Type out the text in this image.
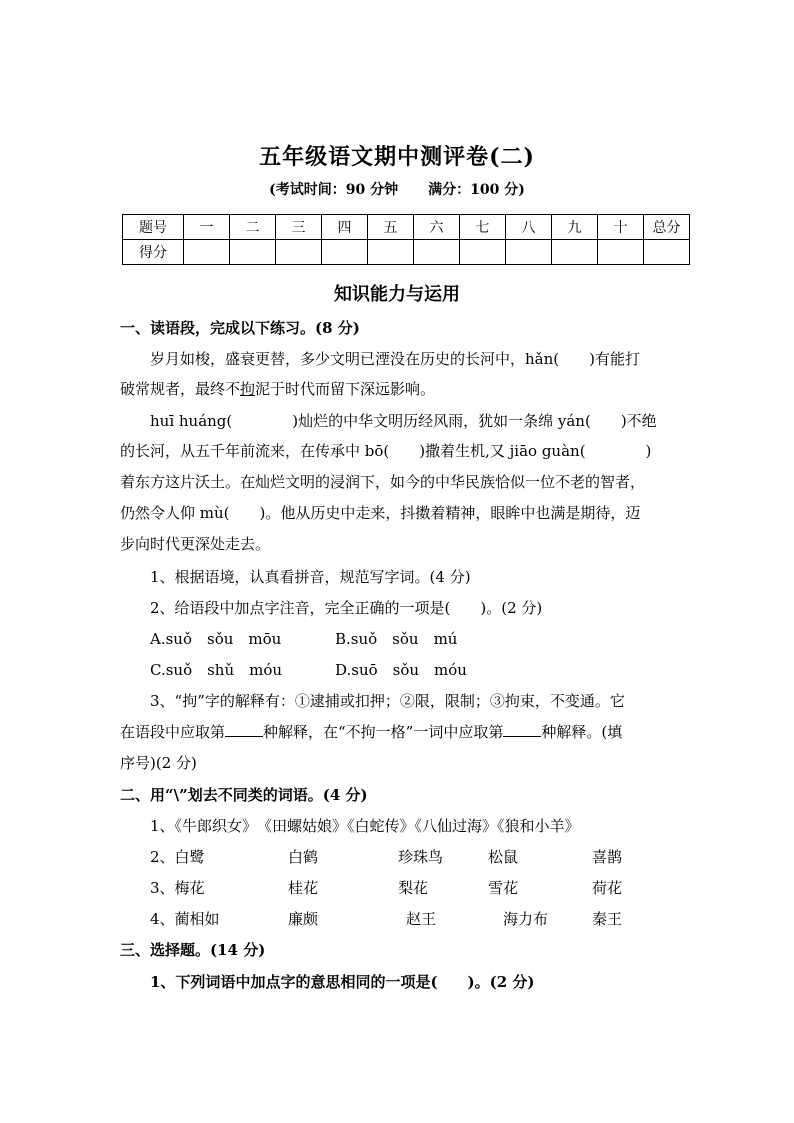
五年级语文期中测评卷(二)
(考试时间：90 分钟 满分：100 分)
题号	一	二	三	四	五	六	七	八	九	十	总分
得分											
知识能力与运用
一、读语段，完成以下练习。(8 分)
岁月如梭，盛衰更替，多少文明已湮没在历史的长河中，hǎn(　　)有能打
破常规者，最终不拘泥于时代而留下深远影响。
huī huáng(　　　　)灿烂的中华文明历经风雨，犹如一条绵 yán(　　)不绝
的长河，从五千年前流来，在传承中 bō(　　)撒着生机,又 jiāo guàn(　　　　)
着东方这片沃土。在灿烂文明的浸润下，如今的中华民族恰似一位不老的智者，
仍然令人仰 mù(　　)。他从历史中走来，抖擞着精神，眼眸中也满是期待，迈
步向时代更深处走去。
1、根据语境，认真看拼音，规范写字词。(4 分)
2、给语段中加点字注音，完全正确的一项是(　　)。(2 分)
A.suǒ　sǒu　mōu	B.suǒ　sǒu　mú
C.suǒ　shǔ　móu	D.suō　sǒu　móu
3、“拘”字的解释有：①逮捕或扣押；②限，限制；③拘束，不变通。它
在语段中应取第	种解释，在“不拘一格”一词中应取第	种解释。(填
序号)(2 分)
二、用“\”划去不同类的词语。(4 分)
1、《牛郎织女》　《田螺姑娘》《白蛇传》《八仙过海》《狼和小羊》
2、白鹭	白鹤	珍珠鸟	松鼠	喜鹊
3、梅花	桂花	梨花	雪花	荷花
4、蔺相如	廉颇	赵王	海力布	秦王
三、选择题。(14 分)
1、下列词语中加点字的意思相同的一项是(　　)。(2 分)
